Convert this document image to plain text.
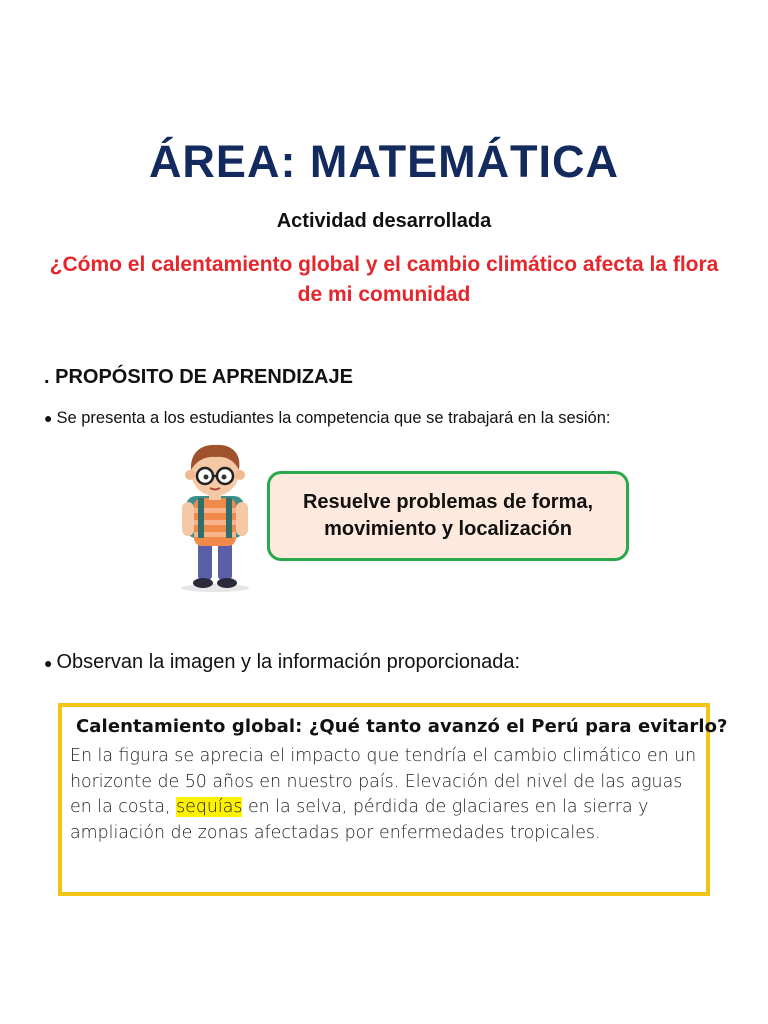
ÁREA: MATEMÁTICA
Actividad desarrollada
¿Cómo el calentamiento global y el cambio climático afecta la flora de mi comunidad
. PROPÓSITO DE APRENDIZAJE
● Se presenta a los estudiantes la competencia que se trabajará en la sesión:
Resuelve problemas de forma, movimiento y localización
● Observan la imagen y la información proporcionada:
Calentamiento global: ¿Qué tanto avanzó el Perú para evitarlo?
En la figura se aprecia el impacto que tendría el cambio climático en un horizonte de 50 años en nuestro país. Elevación del nivel de las aguas en la costa, sequías en la selva, pérdida de glaciares en la sierra y ampliación de zonas afectadas por enfermedades tropicales.
